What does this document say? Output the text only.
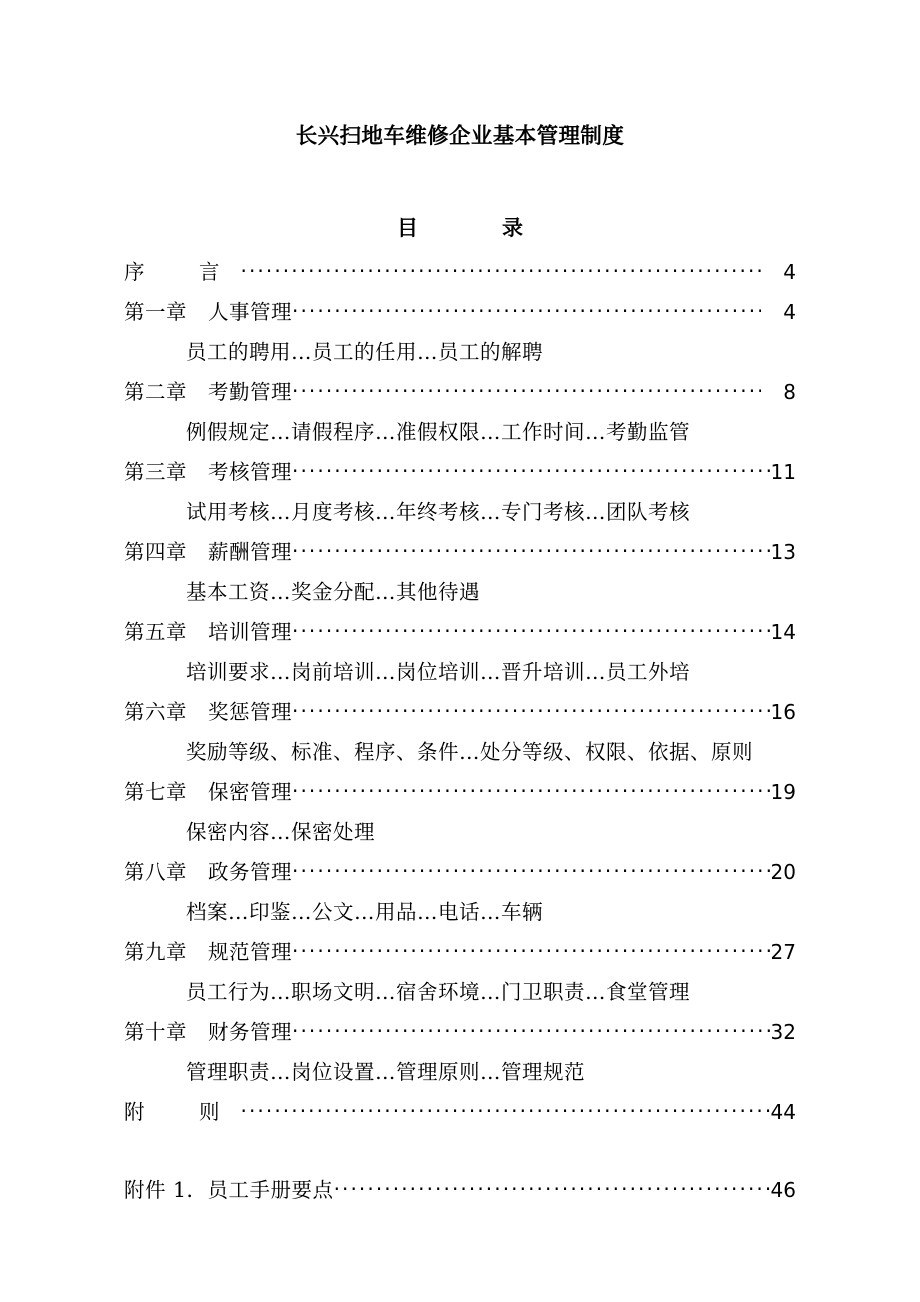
长兴扫地车维修企业基本管理制度
目　　录
序　言 ·····	4
第一章　人事管理 ·····	4
员工的聘用…员工的任用…员工的解聘
第二章　考勤管理 ·····	8
例假规定…请假程序…准假权限…工作时间…考勤监管
第三章　考核管理 ·····	11
试用考核…月度考核…年终考核…专门考核…团队考核
第四章　薪酬管理 ·····	13
基本工资…奖金分配…其他待遇
第五章　培训管理 ·····	14
培训要求…岗前培训…岗位培训…晋升培训…员工外培
第六章　奖惩管理 ·····	16
奖励等级、标准、程序、条件…处分等级、权限、依据、原则
第七章　保密管理 ·····	19
保密内容…保密处理
第八章　政务管理 ·····	20
档案…印鉴…公文…用品…电话…车辆
第九章　规范管理 ·····	27
员工行为…职场文明…宿舍环境…门卫职责…食堂管理
第十章　财务管理 ·····	32
管理职责…岗位设置…管理原则…管理规范
附　则 ·····	44
附件 1．员工手册要点 ·····	46
